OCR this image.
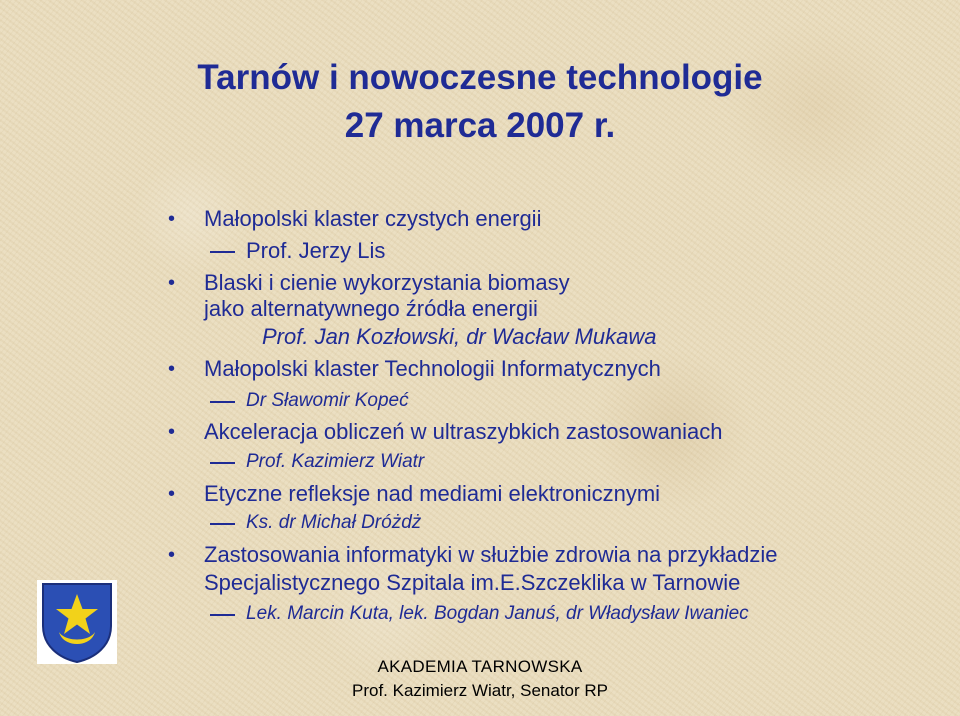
Tarnów i nowoczesne technologie
27 marca 2007 r.
• Małopolski klaster czystych energii
Prof. Jerzy Lis
• Blaski i cienie wykorzystania biomasy
jako alternatywnego źródła energii
Prof. Jan Kozłowski, dr Wacław Mukawa
• Małopolski klaster Technologii Informatycznych
Dr Sławomir Kopeć
• Akceleracja obliczeń w ultraszybkich zastosowaniach
Prof. Kazimierz Wiatr
• Etyczne refleksje nad mediami elektronicznymi
Ks. dr Michał Dróżdż
• Zastosowania informatyki w służbie zdrowia na przykładzie
Specjalistycznego Szpitala im.E.Szczeklika w Tarnowie
Lek. Marcin Kuta, lek. Bogdan Januś, dr Władysław Iwaniec
AKADEMIA TARNOWSKA
Prof. Kazimierz Wiatr, Senator RP
